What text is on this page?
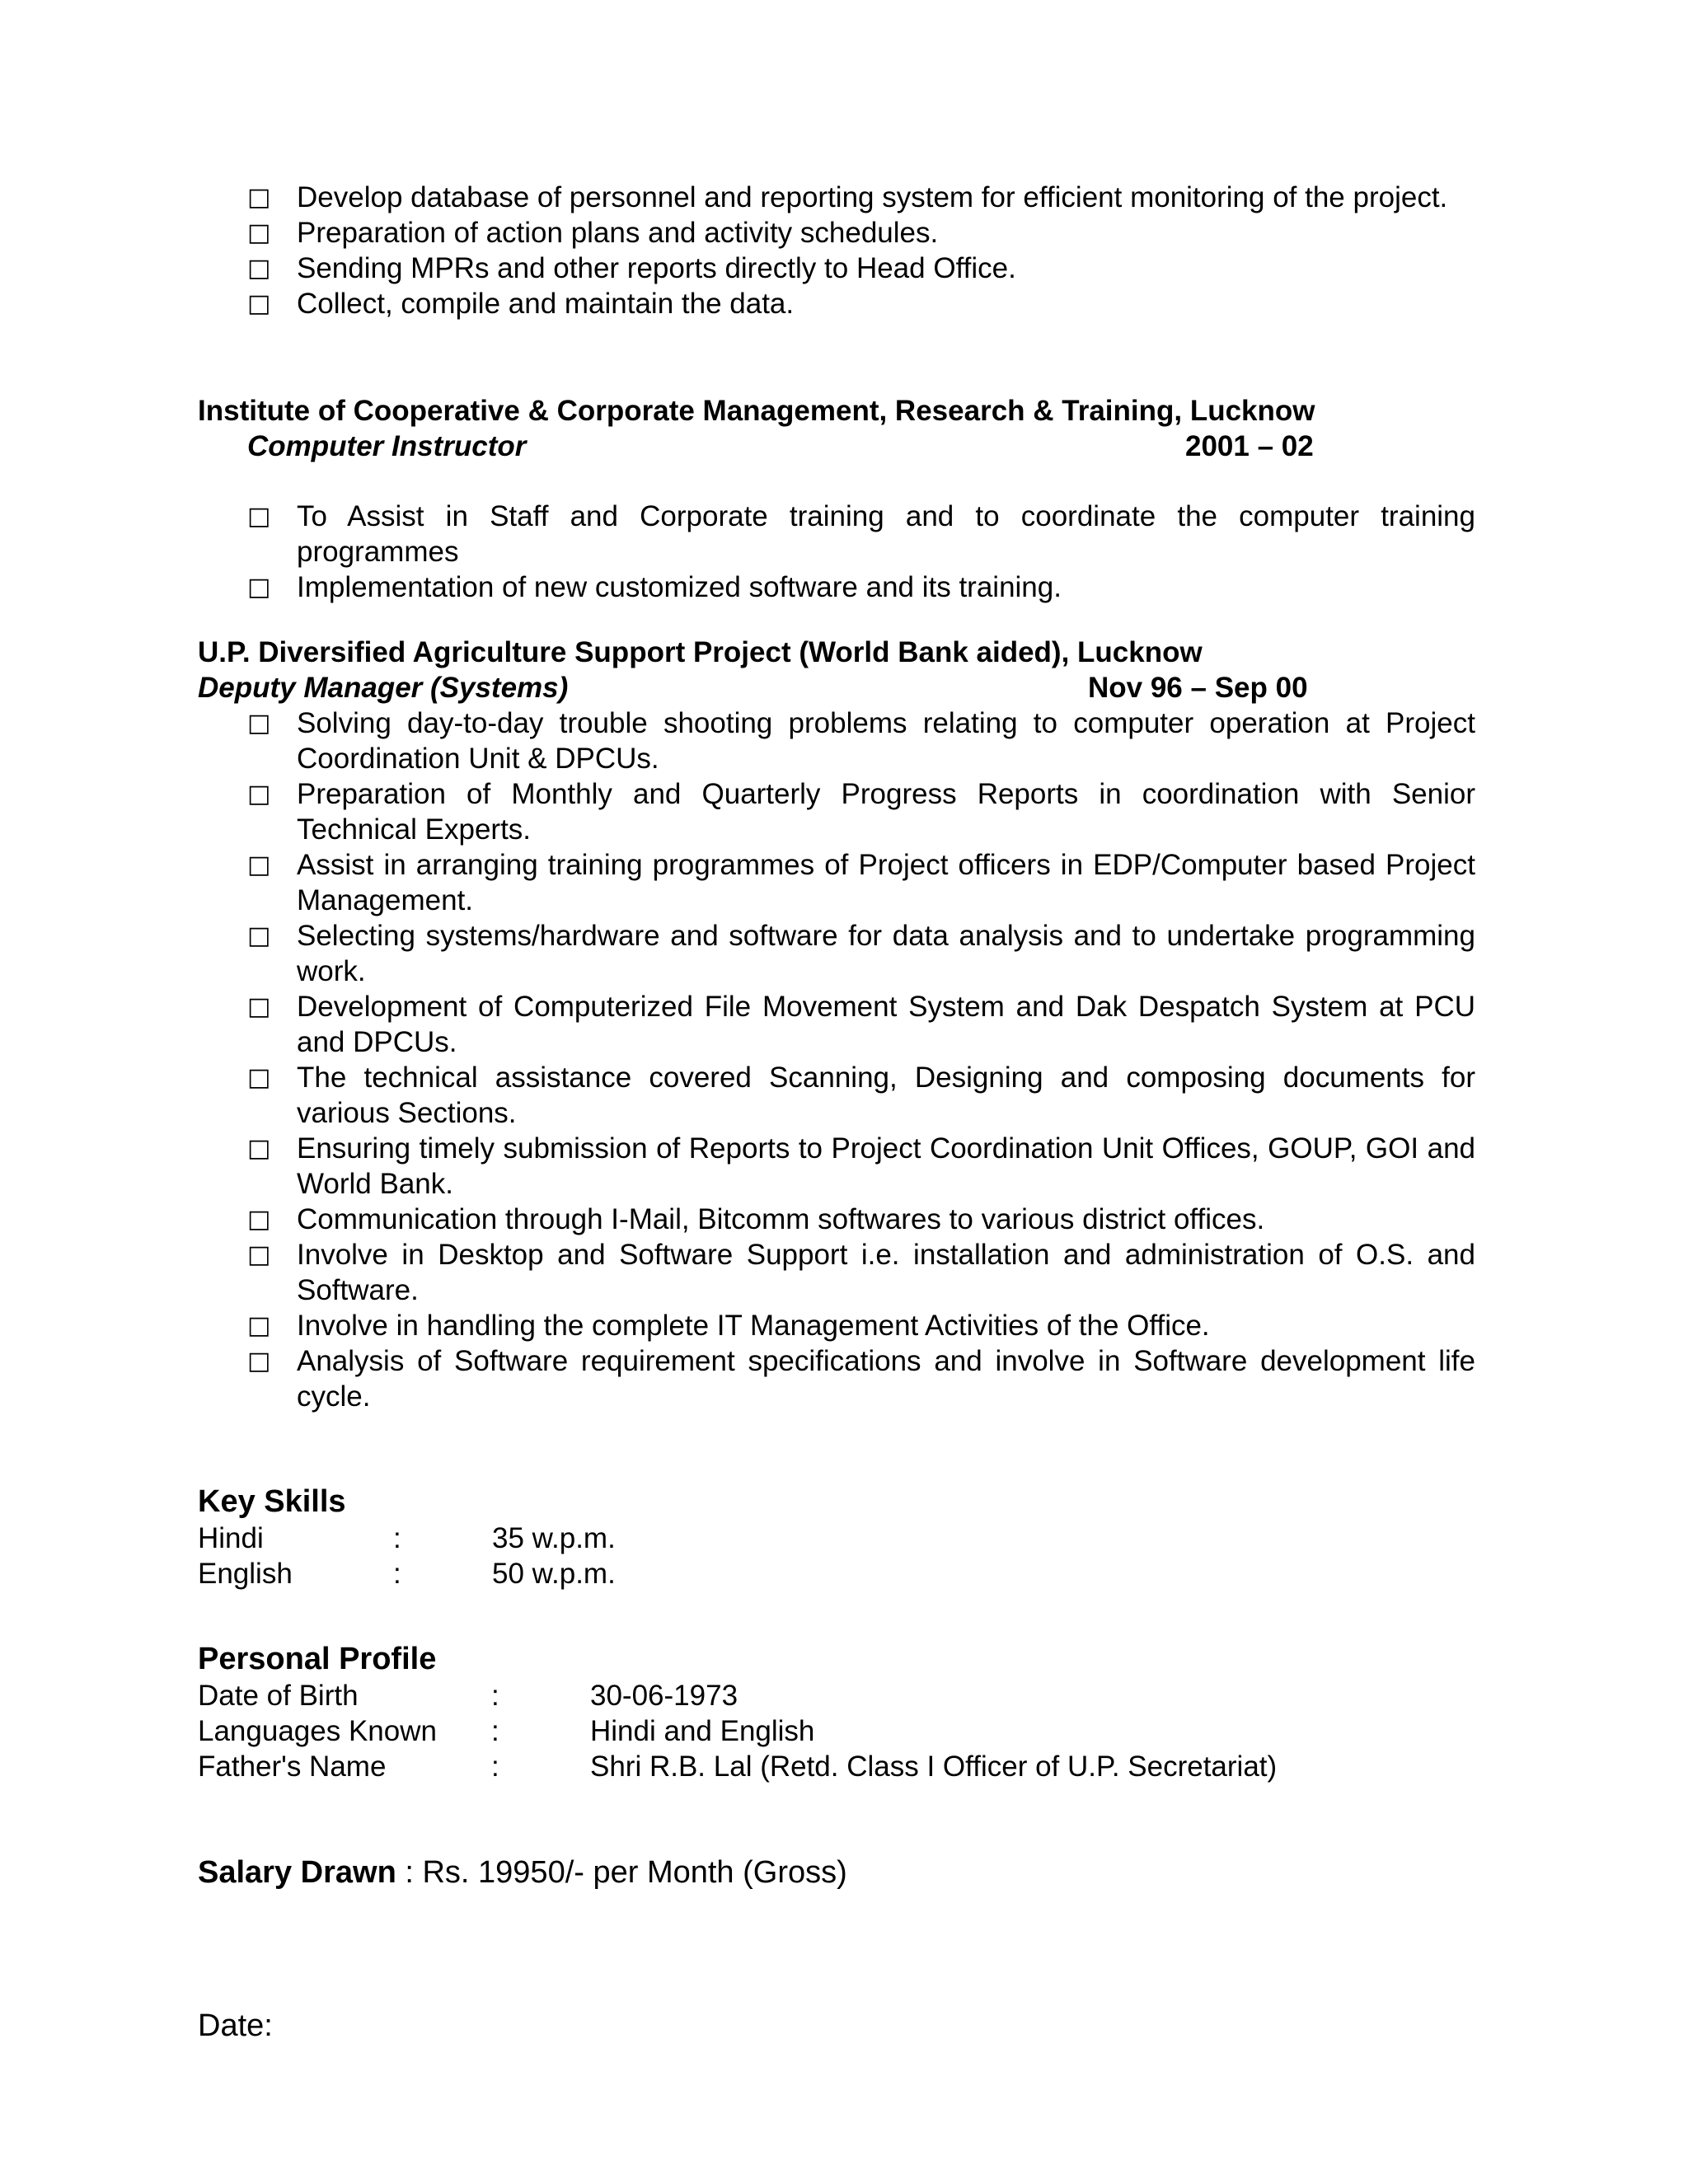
□ Develop database of personnel and reporting system for efficient monitoring of the project.
□ Preparation of action plans and activity schedules.
□ Sending MPRs and other reports directly to Head Office.
□ Collect, compile and maintain the data.
Institute of Cooperative & Corporate Management, Research & Training, Lucknow
Computer Instructor	2001 – 02
□ To Assist in Staff and Corporate training and to coordinate the computer training programmes
□ Implementation of new customized software and its training.
U.P. Diversified Agriculture Support Project (World Bank aided), Lucknow
Deputy Manager (Systems)	Nov 96 – Sep 00
□ Solving day-to-day trouble shooting problems relating to computer operation at Project Coordination Unit & DPCUs.
□ Preparation of Monthly and Quarterly Progress Reports in coordination with Senior Technical Experts.
□ Assist in arranging training programmes of Project officers in EDP/Computer based Project Management.
□ Selecting systems/hardware and software for data analysis and to undertake programming work.
□ Development of Computerized File Movement System and Dak Despatch System at PCU and DPCUs.
□ The technical assistance covered Scanning, Designing and composing documents for various Sections.
□ Ensuring timely submission of Reports to Project Coordination Unit Offices, GOUP, GOI and World Bank.
□ Communication through I-Mail, Bitcomm softwares to various district offices.
□ Involve in Desktop and Software Support i.e. installation and administration of O.S. and Software.
□ Involve in handling the complete IT Management Activities of the Office.
□ Analysis of Software requirement specifications and involve in Software development life cycle.
Key Skills
Hindi	:	35 w.p.m.
English	:	50 w.p.m.
Personal Profile
Date of Birth	:	30-06-1973
Languages Known :	Hindi and English
Father's Name	:	Shri R.B. Lal (Retd. Class I Officer of U.P. Secretariat)
Salary Drawn : Rs. 19950/- per Month (Gross)
Date:
